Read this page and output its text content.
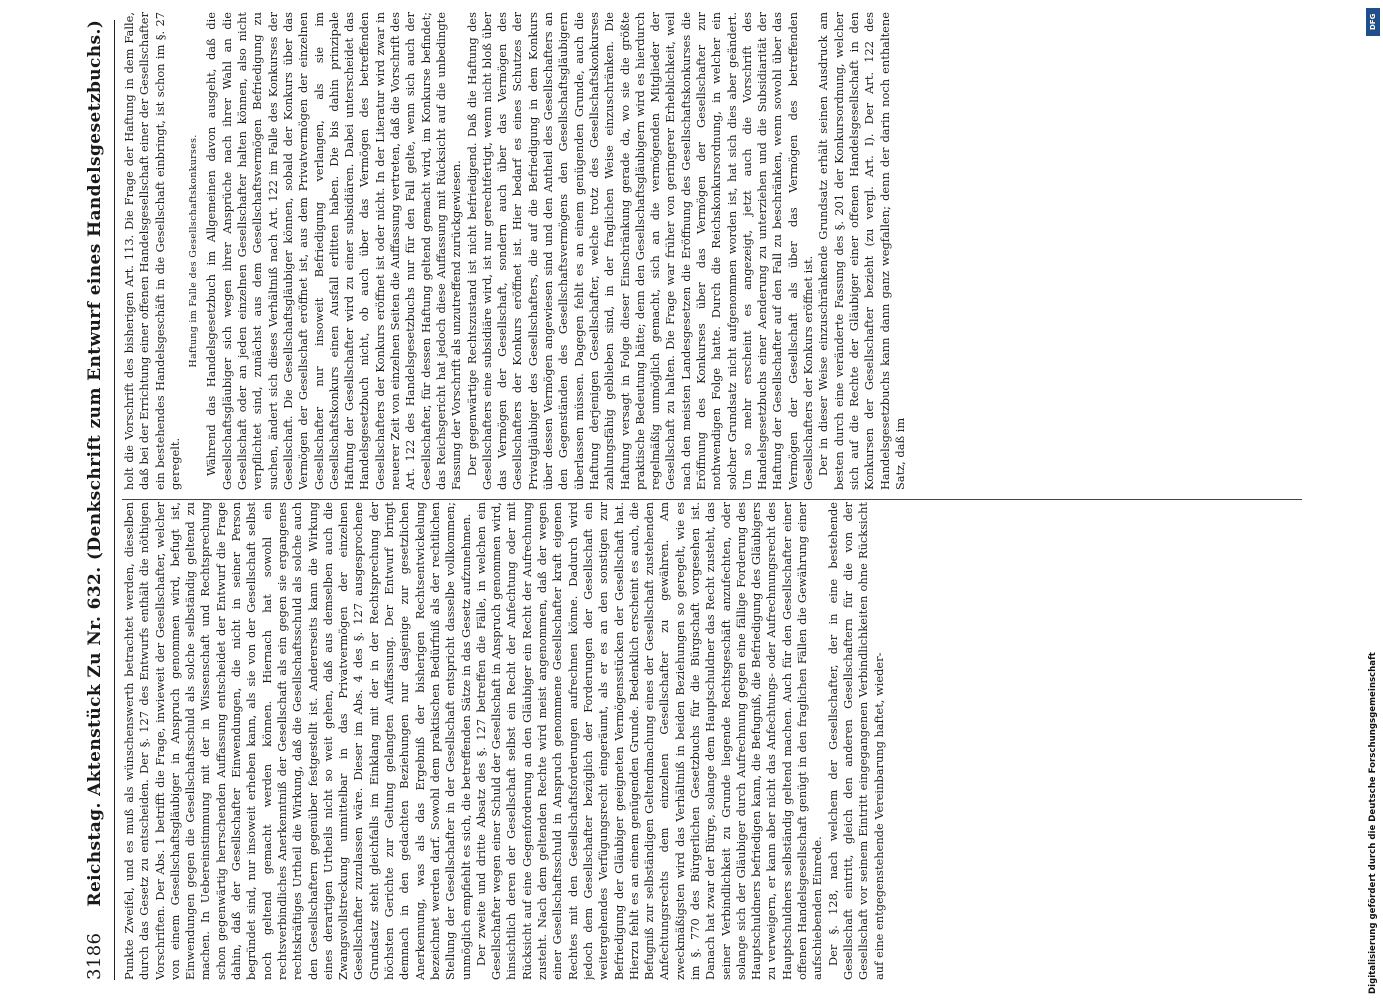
3186
Reichstag. Aktenstück Zu Nr. 632. (Denkschrift zum Entwurf eines Handelsgesetzbuchs.) Punkte Zweifel, und es muß als wünschenswerth betrachtet werden, dieselben durch das Gesetz zu entscheiden. Der §. 127 des Entwurfs enthält die nöthigen Vorschriften. Der Abs. 1 betrifft die Frage, inwieweit der Gesellschafter, welcher von einem Gesellschaftsgläubiger in Anspruch genommen wird, befugt ist, Einwendungen gegen die Gesellschaftsschuld als solche selbständig geltend zu machen. In Uebereinstimmung mit der in Wissenschaft und Rechtsprechung schon gegenwärtig herrschenden Auffassung entscheidet der Entwurf die Frage dahin, daß der Gesellschafter Einwendungen, die nicht in seiner Person begründet sind, nur insoweit erheben kann, als sie von der Gesellschaft selbst noch geltend gemacht werden können. Hiernach hat sowohl ein rechtsverbindliches Anerkenntniß der Gesellschaft als ein gegen sie ergangenes rechtskräftiges Urtheil die Wirkung, daß die Gesellschaftsschuld als solche auch den Gesellschaftern gegenüber festgestellt ist. Andererseits kann die Wirkung eines derartigen Urtheils nicht so weit gehen, daß aus demselben auch die Zwangsvollstreckung unmittelbar in das Privatvermögen der einzelnen Gesellschafter zuzulassen wäre. Dieser im Abs. 4 des §. 127 ausgesprochene Grundsatz steht gleichfalls im Einklang mit der in der Rechtsprechung der höchsten Gerichte zur Geltung gelangten Auffassung. Der Entwurf bringt demnach in den gedachten Beziehungen nur dasjenige zur gesetzlichen Anerkennung, was als das Ergebniß der bisherigen Rechtsentwickelung bezeichnet werden darf. Sowohl dem praktischen Bedürfniß als der rechtlichen Stellung der Gesellschafter in der Gesellschaft entspricht dasselbe vollkommen; unmöglich empfiehlt es sich, die betreffenden Sätze in das Gesetz aufzunehmen. Der zweite und dritte Absatz des §. 127 betreffen die Fälle, in welchen ein Gesellschafter wegen einer Schuld der Gesellschaft in Anspruch genommen wird, hinsichtlich deren der Gesellschaft selbst ein Recht der Anfechtung oder mit Rücksicht auf eine Gegenforderung an den Gläubiger ein Recht der Aufrechnung zusteht. Nach dem geltenden Rechte wird meist angenommen, daß der wegen einer Gesellschaftsschuld in Anspruch genommene Gesellschafter kraft eigenen Rechtes mit den Gesellschaftsforderungen aufrechnen könne. Dadurch wird jedoch dem Gesellschafter bezüglich der Forderungen der Gesellschaft ein weitergehendes Verfügungsrecht eingeräumt, als er es an den sonstigen zur Befriedigung der Gläubiger geeigneten Vermögensstücken der Gesellschaft hat. Hierzu fehlt es an einem genügenden Grunde. Bedenklich erscheint es auch, die Befugniß zur selbständigen Geltendmachung eines der Gesellschaft zustehenden Anfechtungsrechts dem einzelnen Gesellschafter zu gewähren. Am zweckmäßigsten wird das Verhältniß in beiden Beziehungen so geregelt, wie es im §. 770 des Bürgerlichen Gesetzbuchs für die Bürgschaft vorgesehen ist. Danach hat zwar der Bürge, solange dem Hauptschuldner das Recht zusteht, das seiner Verbindlichkeit zu Grunde liegende Rechtsgeschäft anzufechten, oder solange sich der Gläubiger durch Aufrechnung gegen eine fällige Forderung des Hauptschuldners befriedigen kann, die Befugniß, die Befriedigung des Gläubigers zu verweigern, er kann aber nicht das Anfechtungs- oder Aufrechnungsrecht des Hauptschuldners selbständig geltend machen. Auch für den Gesellschafter einer offenen Handelsgesellschaft genügt in den fraglichen Fällen die Gewährung einer aufschiebenden Einrede. Der §. 128, nach welchem der Gesellschafter, der in eine bestehende Gesellschaft eintritt, gleich den anderen Gesellschaftern für die von der Gesellschaft vor seinem Eintritt eingegangenen Verbindlichkeiten ohne Rücksicht auf eine entgegenstehende Vereinbarung haftet, wieder-

holt die Vorschrift des bisherigen Art. 113. Die Frage der Haftung in dem Falle, daß bei der Errichtung einer offenen Handelsgesellschaft einer der Gesellschafter ein bestehendes Handelsgeschäft in die Gesellschaft einbringt, ist schon im §. 27 geregelt.

Haftung im Falle des Gesellschaftskonkurses. Während das Handelsgesetzbuch im Allgemeinen davon ausgeht, daß die Gesellschaftsgläubiger sich wegen ihrer Ansprüche nach ihrer Wahl an die Gesellschaft oder an jeden einzelnen Gesellschafter halten können, also nicht verpflichtet sind, zunächst aus dem Gesellschaftsvermögen Befriedigung zu suchen, ändert sich dieses Verhältniß nach Art. 122 im Falle des Konkurses der Gesellschaft. Die Gesellschaftsgläubiger können, sobald der Konkurs über das Vermögen der Gesellschaft eröffnet ist, aus dem Privatvermögen der einzelnen Gesellschafter nur insoweit Befriedigung verlangen, als sie im Gesellschaftskonkurs einen Ausfall erlitten haben. Die bis dahin prinzipale Haftung der Gesellschafter wird zu einer subsidiären. Dabei unterscheidet das Handelsgesetzbuch nicht, ob auch über das Vermögen des betreffenden Gesellschafters der Konkurs eröffnet ist oder nicht. In der Literatur wird zwar in neuerer Zeit von einzelnen Seiten die Auffassung vertreten, daß die Vorschrift des Art. 122 des Handelsgesetzbuchs nur für den Fall gelte, wenn sich auch der Gesellschafter, für dessen Haftung geltend gemacht wird, im Konkurse befindet; das Reichsgericht hat jedoch diese Auffassung mit Rücksicht auf die unbedingte Fassung der Vorschrift als unzutreffend zurückgewiesen. Der gegenwärtige Rechtszustand ist nicht befriedigend. Daß die Haftung des Gesellschafters eine subsidiäre wird, ist nur gerechtfertigt, wenn nicht bloß über das Vermögen der Gesellschaft, sondern auch über das Vermögen des Gesellschafters der Konkurs eröffnet ist. Hier bedarf es eines Schutzes der Privatgläubiger des Gesellschafters, die auf die Befriedigung in dem Konkurs über dessen Vermögen angewiesen sind und den Antheil des Gesellschafters an den Gegenständen des Gesellschaftsvermögens den Gesellschaftsgläubigern überlassen müssen. Dagegen fehlt es an einem genügenden Grunde, auch die Haftung derjenigen Gesellschafter, welche trotz des Gesellschaftskonkurses zahlungsfähig geblieben sind, in der fraglichen Weise einzuschränken. Die Haftung versagt in Folge dieser Einschränkung gerade da, wo sie die größte praktische Bedeutung hätte; denn den Gesellschaftsgläubigern wird es hierdurch regelmäßig unmöglich gemacht, sich an die vermögenden Mitglieder der Gesellschaft zu halten. Die Frage war früher von geringerer Erheblichkeit, weil nach den meisten Landesgesetzen die Eröffnung des Gesellschaftskonkurses die Eröffnung des Konkurses über das Vermögen der Gesellschafter zur nothwendigen Folge hatte. Durch die Reichskonkursordnung, in welcher ein solcher Grundsatz nicht aufgenommen worden ist, hat sich dies aber geändert. Um so mehr erscheint es angezeigt, jetzt auch die Vorschrift des Handelsgesetzbuchs einer Aenderung zu unterziehen und die Subsidiarität der Haftung der Gesellschafter auf den Fall zu beschränken, wenn sowohl über das Vermögen der Gesellschaft als über das Vermögen des betreffenden Gesellschafters der Konkurs eröffnet ist. Der in dieser Weise einzuschränkende Grundsatz erhält seinen Ausdruck am besten durch eine veränderte Fassung des §. 201 der Konkursordnung, welcher sich auf die Rechte der Gläubiger einer offenen Handelsgesellschaft in den Konkursen der Gesellschafter bezieht (zu vergl. Art. I). Der Art. 122 des Handelsgesetzbuchs kann dann ganz wegfallen; denn der darin noch enthaltene Satz, daß im

DFG
Digitalisierung gefördert durch die Deutsche Forschungsgemeinschaft
